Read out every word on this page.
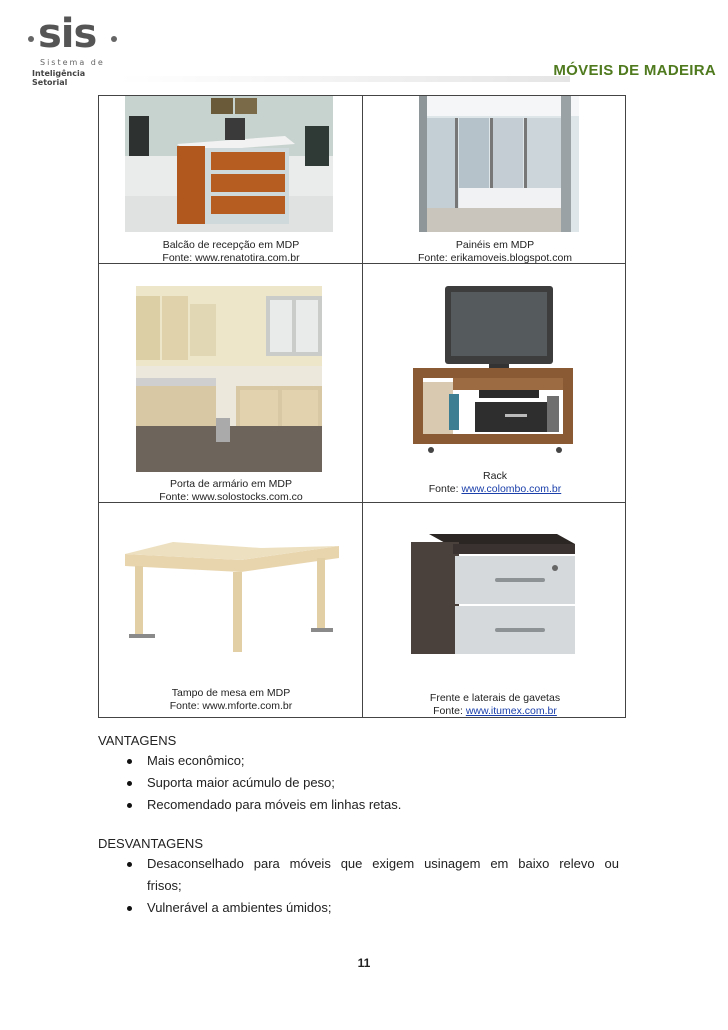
sis
Sistema de
Inteligência Setorial
MÓVEIS DE MADEIRA
Balcão de recepção em MDP
Fonte: www.renatotira.com.br
Painéis em MDP
Fonte: erikamoveis.blogspot.com
Porta de armário em MDP
Fonte: www.solostocks.com.co
Rack
Fonte: www.colombo.com.br
Tampo de mesa em MDP
Fonte: www.mforte.com.br
Frente e laterais de gavetas
Fonte: www.itumex.com.br
VANTAGENS
Mais econômico;
Suporta maior acúmulo de peso;
Recomendado para móveis em linhas retas.
DESVANTAGENS
Desaconselhado para móveis que exigem usinagem em baixo relevo ou
frisos;
Vulnerável a ambientes úmidos;
11
